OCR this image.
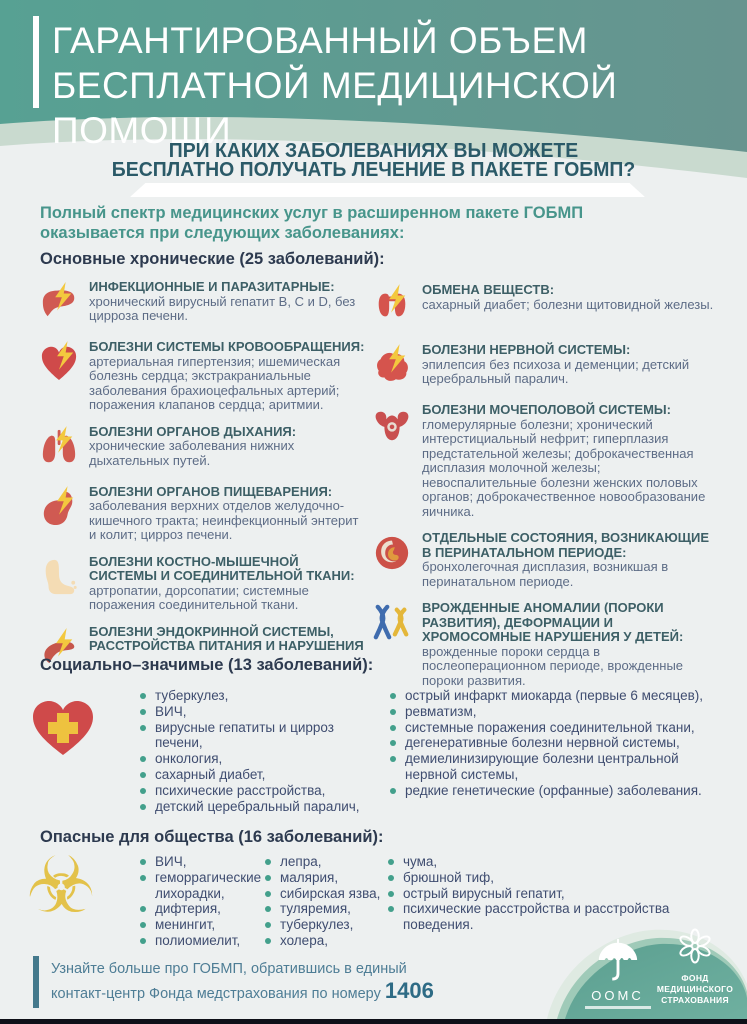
ГАРАНТИРОВАННЫЙ ОБЪЕМ
БЕСПЛАТНОЙ МЕДИЦИНСКОЙ ПОМОЩИ
ПРИ КАКИХ ЗАБОЛЕВАНИЯХ ВЫ МОЖЕТЕ
БЕСПЛАТНО ПОЛУЧАТЬ ЛЕЧЕНИЕ В ПАКЕТЕ ГОБМП?
Полный спектр медицинских услуг в расширенном пакете ГОБМП
оказывается при следующих заболеваниях:
Основные хронические (25 заболеваний):
ИНФЕКЦИОННЫЕ И ПАРАЗИТАРНЫЕ:
хронический вирусный гепатит B, C и D, без цирроза печени.
БОЛЕЗНИ СИСТЕМЫ КРОВООБРАЩЕНИЯ:
артериальная гипертензия; ишемическая болезнь сердца; экстракраниальные заболевания брахиоцефальных артерий; поражения клапанов сердца; аритмии.
БОЛЕЗНИ ОРГАНОВ ДЫХАНИЯ:
хронические заболевания нижних дыхательных путей.
БОЛЕЗНИ ОРГАНОВ ПИЩЕВАРЕНИЯ:
заболевания верхних отделов желудочно-кишечного тракта; неинфекционный энтерит и колит; цирроз печени.
БОЛЕЗНИ КОСТНО-МЫШЕЧНОЙ СИСТЕМЫ И СОЕДИНИТЕЛЬНОЙ ТКАНИ:
артропатии, дорсопатии; системные поражения соединительной ткани.
БОЛЕЗНИ ЭНДОКРИННОЙ СИСТЕМЫ, РАССТРОЙСТВА ПИТАНИЯ И НАРУШЕНИЯ
ОБМЕНА ВЕЩЕСТВ:
сахарный диабет; болезни щитовидной железы.
БОЛЕЗНИ НЕРВНОЙ СИСТЕМЫ:
эпилепсия без психоза и деменции; детский церебральный паралич.
БОЛЕЗНИ МОЧЕПОЛОВОЙ СИСТЕМЫ:
гломерулярные болезни; хронический интерстициальный нефрит; гиперплазия предстательной железы; доброкачественная дисплазия молочной железы; невоспалительные болезни женских половых органов; доброкачественное новообразование яичника.
ОТДЕЛЬНЫЕ СОСТОЯНИЯ, ВОЗНИКАЮЩИЕ В ПЕРИНАТАЛЬНОМ ПЕРИОДЕ:
бронхолегочная дисплазия, возникшая в перинатальном периоде.
ВРОЖДЕННЫЕ АНОМАЛИИ (ПОРОКИ РАЗВИТИЯ), ДЕФОРМАЦИИ И ХРОМОСОМНЫЕ НАРУШЕНИЯ У ДЕТЕЙ:
врожденные пороки сердца в послеоперационном периоде, врожденные пороки развития.
Социально–значимые (13 заболеваний):
туберкулез,
ВИЧ,
вирусные гепатиты и цирроз печени,
онкология,
сахарный диабет,
психические расстройства,
детский церебральный паралич,
острый инфаркт миокарда (первые 6 месяцев),
ревматизм,
системные поражения соединительной ткани,
дегенеративные болезни нервной системы,
демиелинизирующие болезни центральной нервной системы,
редкие генетические (орфанные) заболевания.
Опасные для общества (16 заболеваний):
☣	ВИЧ,
геморрагические лихорадки,
дифтерия,
менингит,
полиомиелит,
лепра,
малярия,
сибирская язва,
туляремия,
туберкулез,
холера,
чума,
брюшной тиф,
острый вирусный гепатит,
психические расстройства и расстройства поведения.
ООМС
ФОНД
МЕДИЦИНСКОГО
СТРАХОВАНИЯ
Узнайте больше про ГОБМП, обратившись в единый
контакт-центр Фонда медстрахования по номеру 1406
